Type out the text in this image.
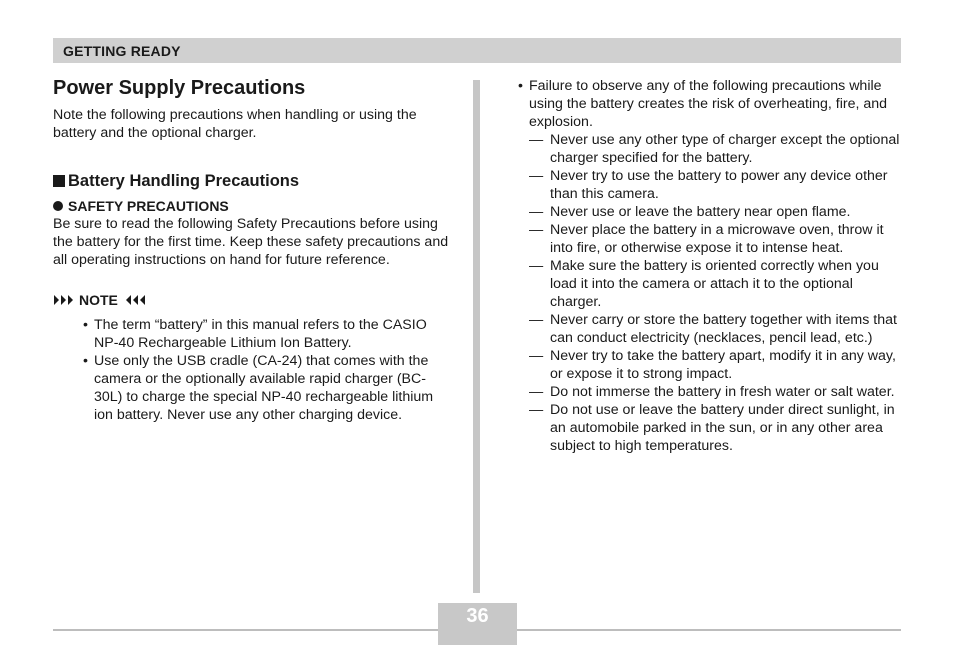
GETTING READY
Power Supply Precautions

Note the following precautions when handling or using the battery and the optional charger.

Battery Handling Precautions
SAFETY PRECAUTIONS

Be sure to read the following Safety Precautions before using the battery for the first time. Keep these safety precautions and all operating instructions on hand for future reference.

NOTE
• The term “battery” in this manual refers to the CASIO NP-40 Rechargeable Lithium Ion Battery.
• Use only the USB cradle (CA-24) that comes with the camera or the optionally available rapid charger (BC-30L) to charge the special NP-40 rechargeable lithium ion battery. Never use any other charging device.
• Failure to observe any of the following precautions while using the battery creates the risk of overheating, fire, and explosion.
— Never use any other type of charger except the optional charger specified for the battery.
— Never try to use the battery to power any device other than this camera.
— Never use or leave the battery near open flame.
— Never place the battery in a microwave oven, throw it into fire, or otherwise expose it to intense heat.
— Make sure the battery is oriented correctly when you load it into the camera or attach it to the optional charger.
— Never carry or store the battery together with items that can conduct electricity (necklaces, pencil lead, etc.)
— Never try to take the battery apart, modify it in any way, or expose it to strong impact.
— Do not immerse the battery in fresh water or salt water.
— Do not use or leave the battery under direct sunlight, in an automobile parked in the sun, or in any other area subject to high temperatures.
36
